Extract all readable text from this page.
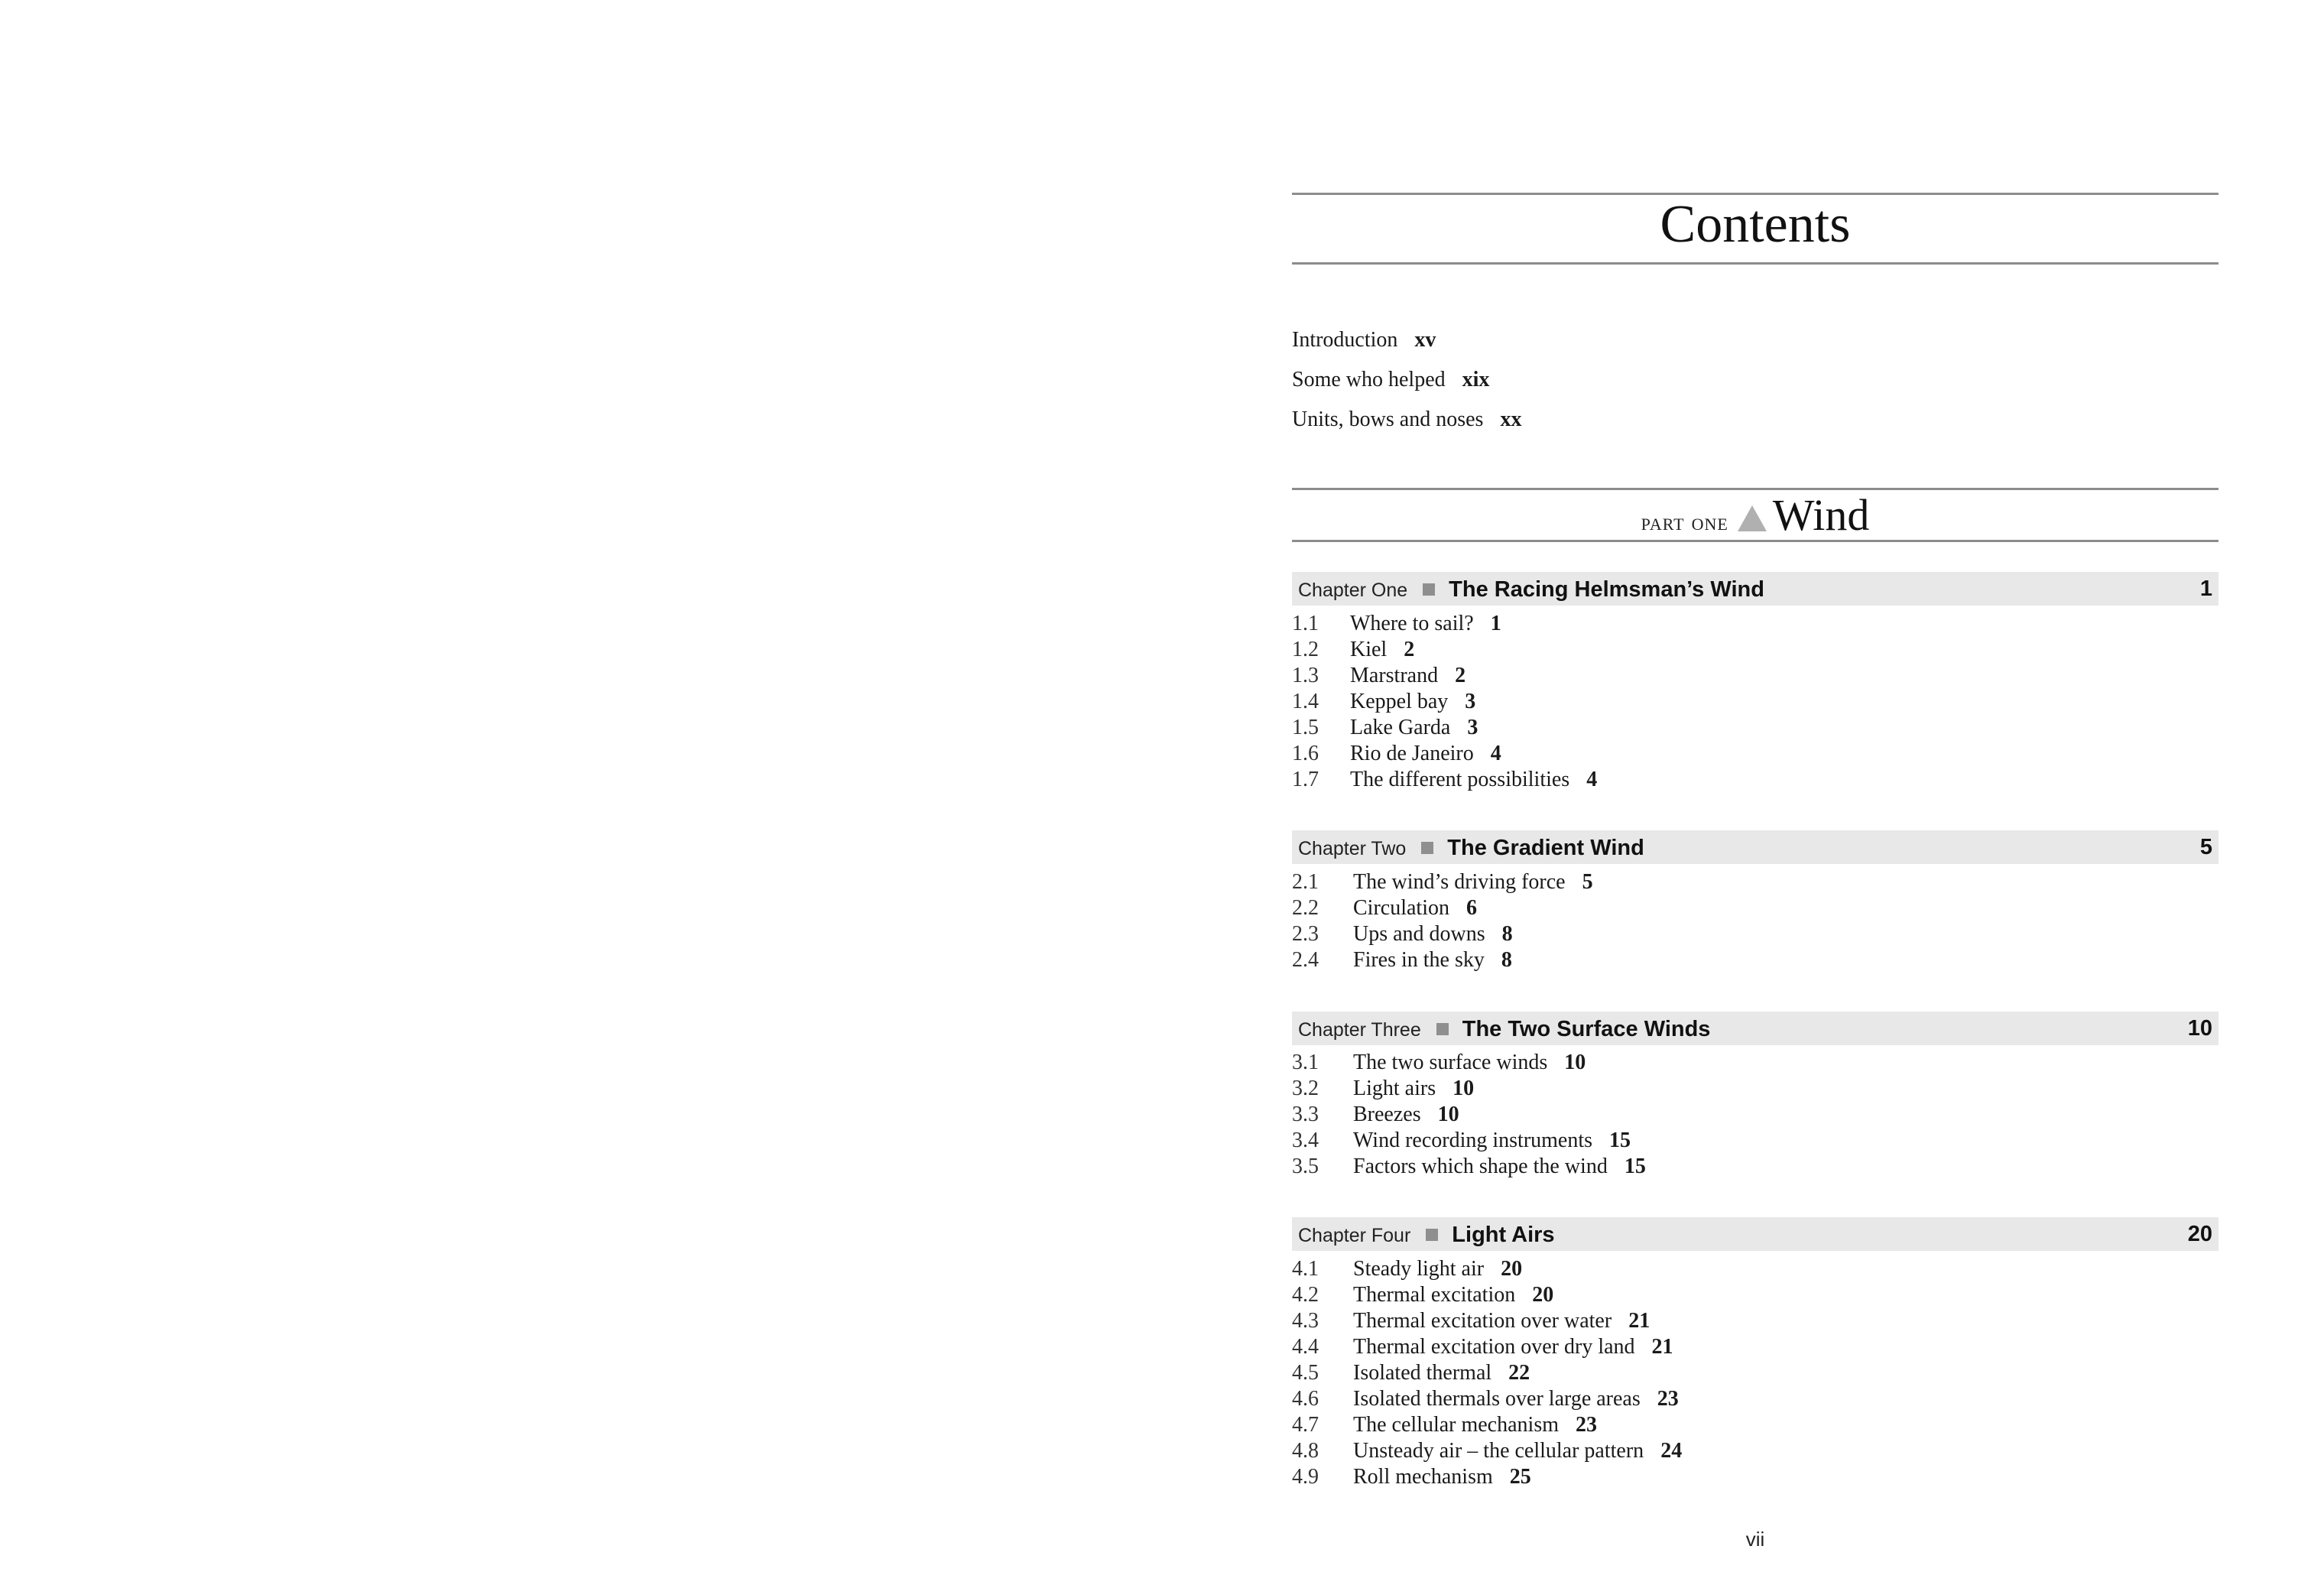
Contents
Introduction xv
Some who helped xix
Units, bows and noses xx
part one Wind
Chapter One The Racing Helmsman’s Wind	1
1.1 Where to sail? 1
1.2 Kiel 2
1.3 Marstrand 2
1.4 Keppel bay 3
1.5 Lake Garda 3
1.6 Rio de Janeiro 4
1.7 The different possibilities 4
Chapter Two The Gradient Wind	5
2.1 The wind’s driving force 5
2.2 Circulation 6
2.3 Ups and downs 8
2.4 Fires in the sky 8
Chapter Three The Two Surface Winds	10
3.1 The two surface winds 10
3.2 Light airs 10
3.3 Breezes 10
3.4 Wind recording instruments 15
3.5 Factors which shape the wind 15
Chapter Four Light Airs	20
4.1 Steady light air 20
4.2 Thermal excitation 20
4.3 Thermal excitation over water 21
4.4 Thermal excitation over dry land 21
4.5 Isolated thermal 22
4.6 Isolated thermals over large areas 23
4.7 The cellular mechanism 23
4.8 Unsteady air – the cellular pattern 24
4.9 Roll mechanism 25
vii
